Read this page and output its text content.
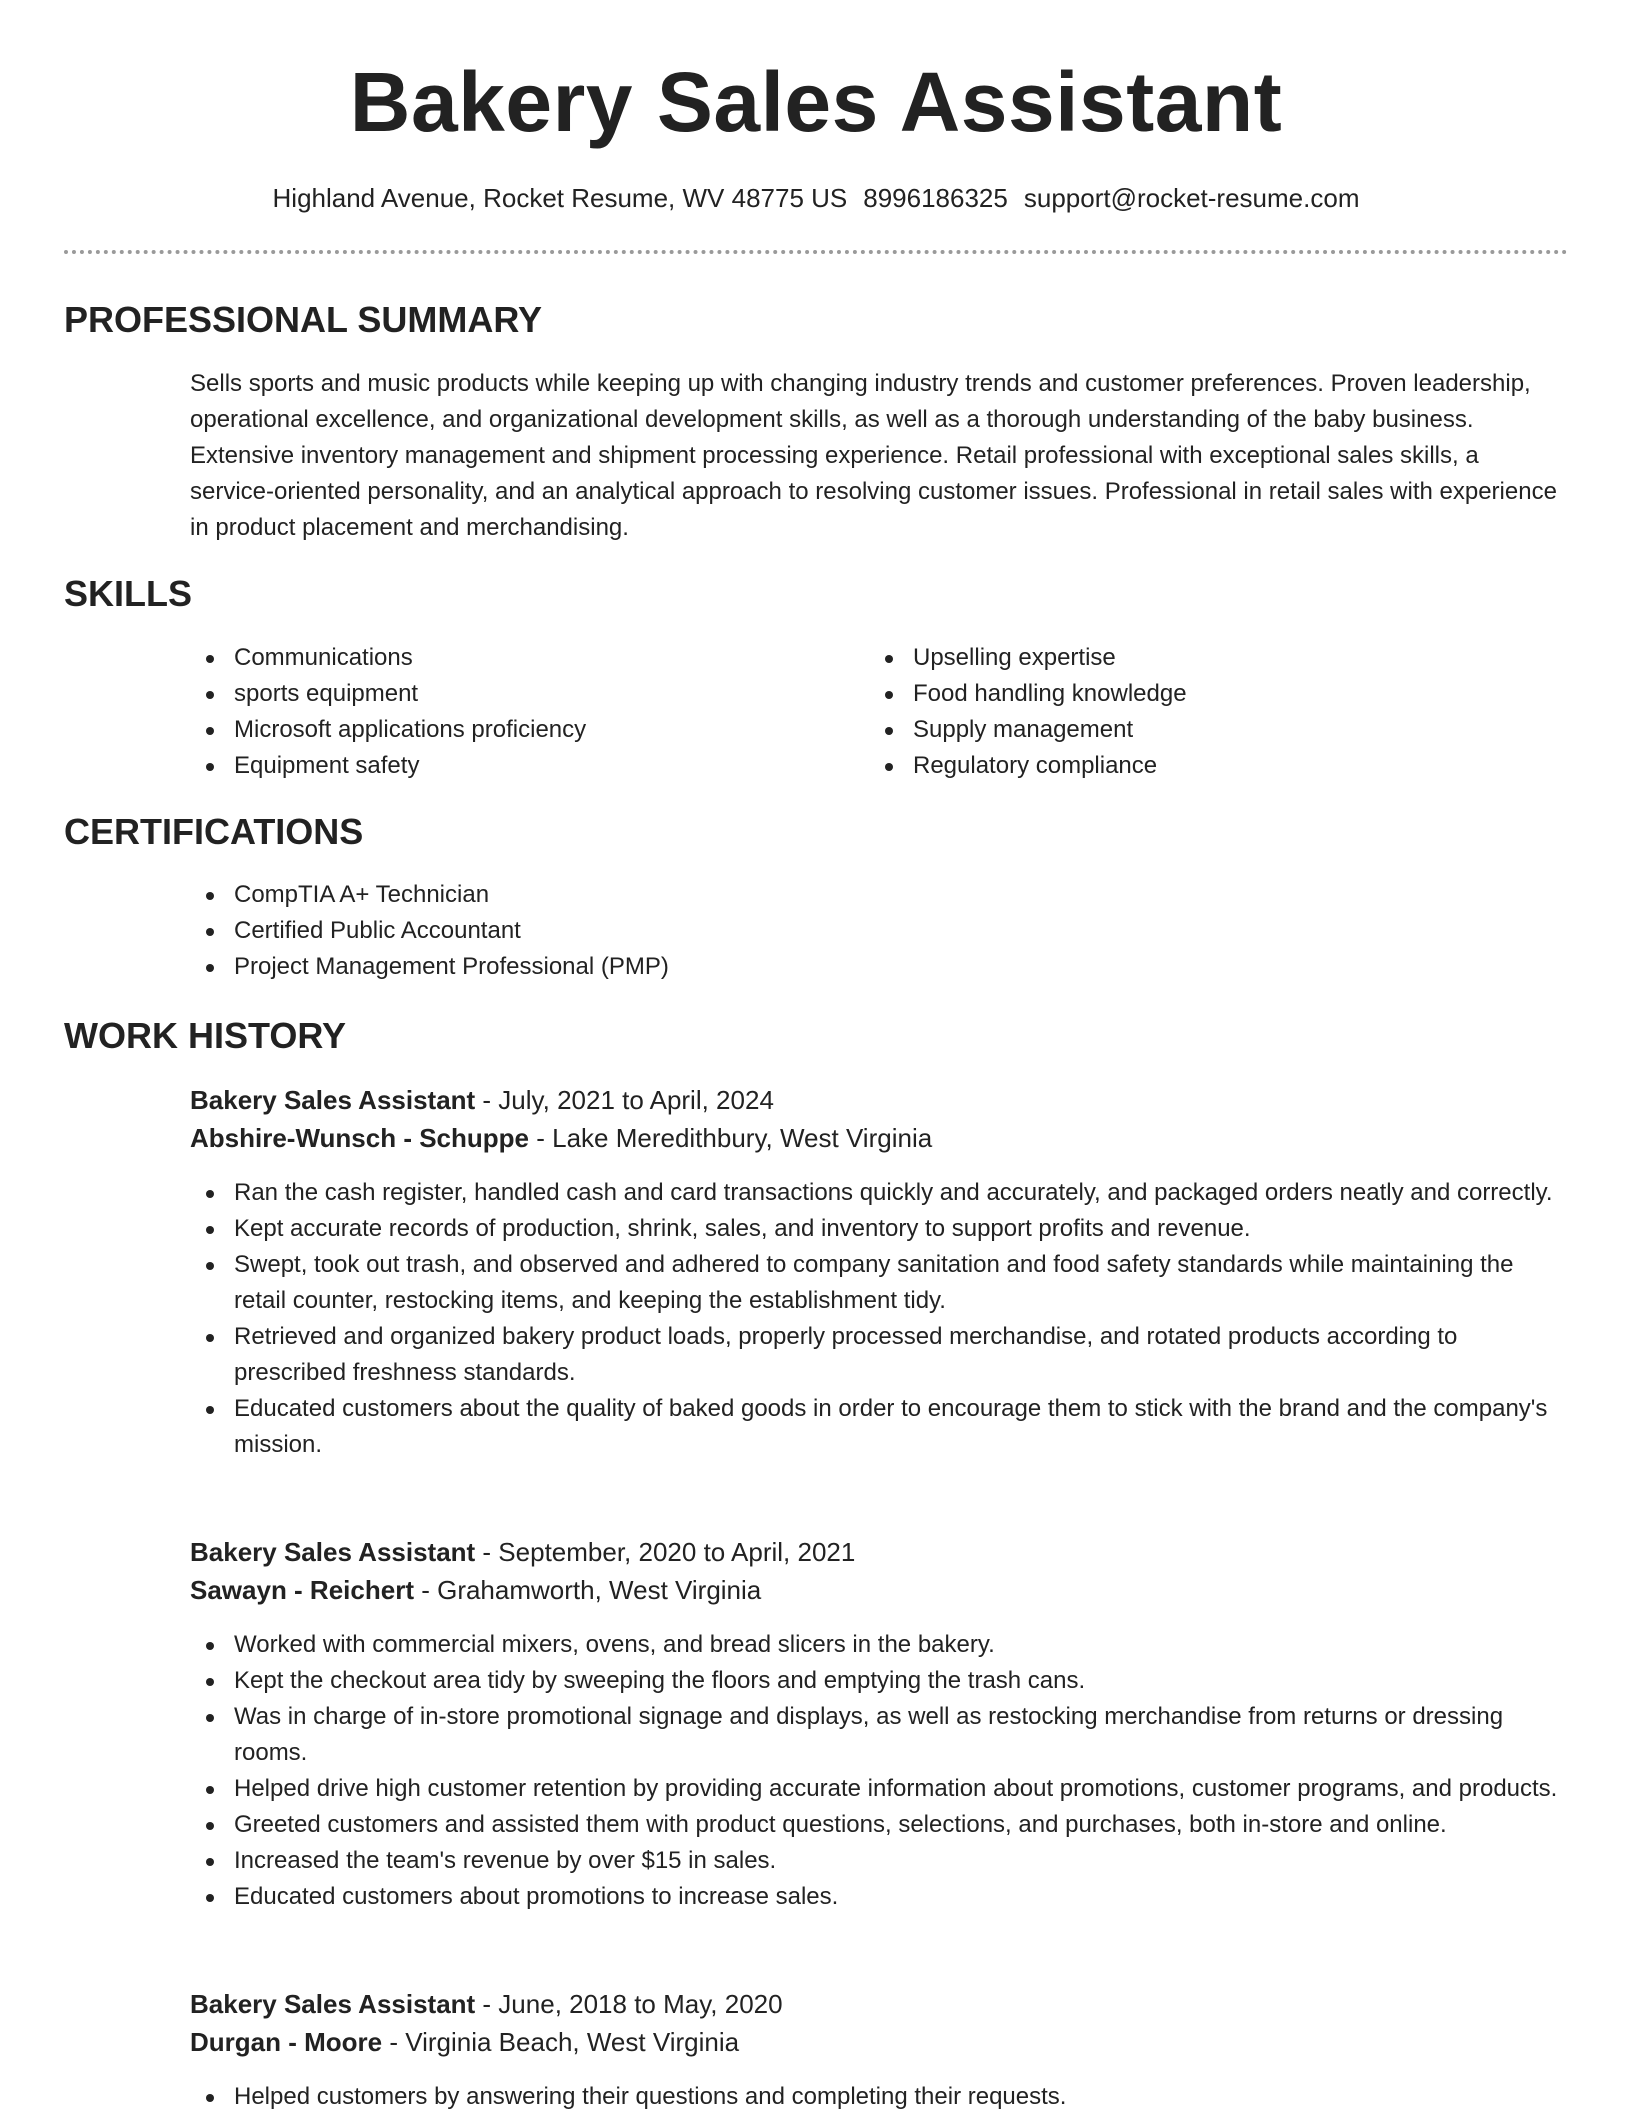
Bakery Sales Assistant
Highland Avenue, Rocket Resume, WV 48775 US 8996186325 support@rocket-resume.com
PROFESSIONAL SUMMARY

Sells sports and music products while keeping up with changing industry trends and customer preferences. Proven leadership, operational excellence, and organizational development skills, as well as a thorough understanding of the baby business. Extensive inventory management and shipment processing experience. Retail professional with exceptional sales skills, a service-oriented personality, and an analytical approach to resolving customer issues. Professional in retail sales with experience in product placement and merchandising.

SKILLS
Communications
sports equipment
Microsoft applications proficiency
Equipment safety
Upselling expertise
Food handling knowledge
Supply management
Regulatory compliance
CERTIFICATIONS
CompTIA A+ Technician
Certified Public Accountant
Project Management Professional (PMP)
WORK HISTORY

Bakery Sales Assistant - July, 2021 to April, 2024

Abshire-Wunsch - Schuppe - Lake Meredithbury, West Virginia

Ran the cash register, handled cash and card transactions quickly and accurately, and packaged orders neatly and correctly.
Kept accurate records of production, shrink, sales, and inventory to support profits and revenue.
Swept, took out trash, and observed and adhered to company sanitation and food safety standards while maintaining the retail counter, restocking items, and keeping the establishment tidy.
Retrieved and organized bakery product loads, properly processed merchandise, and rotated products according to prescribed freshness standards.
Educated customers about the quality of baked goods in order to encourage them to stick with the brand and the company's mission.

Bakery Sales Assistant - September, 2020 to April, 2021

Sawayn - Reichert - Grahamworth, West Virginia

Worked with commercial mixers, ovens, and bread slicers in the bakery.
Kept the checkout area tidy by sweeping the floors and emptying the trash cans.
Was in charge of in-store promotional signage and displays, as well as restocking merchandise from returns or dressing rooms.
Helped drive high customer retention by providing accurate information about promotions, customer programs, and products.
Greeted customers and assisted them with product questions, selections, and purchases, both in-store and online.
Increased the team's revenue by over $15 in sales.
Educated customers about promotions to increase sales.

Bakery Sales Assistant - June, 2018 to May, 2020

Durgan - Moore - Virginia Beach, West Virginia

Helped customers by answering their questions and completing their requests.
